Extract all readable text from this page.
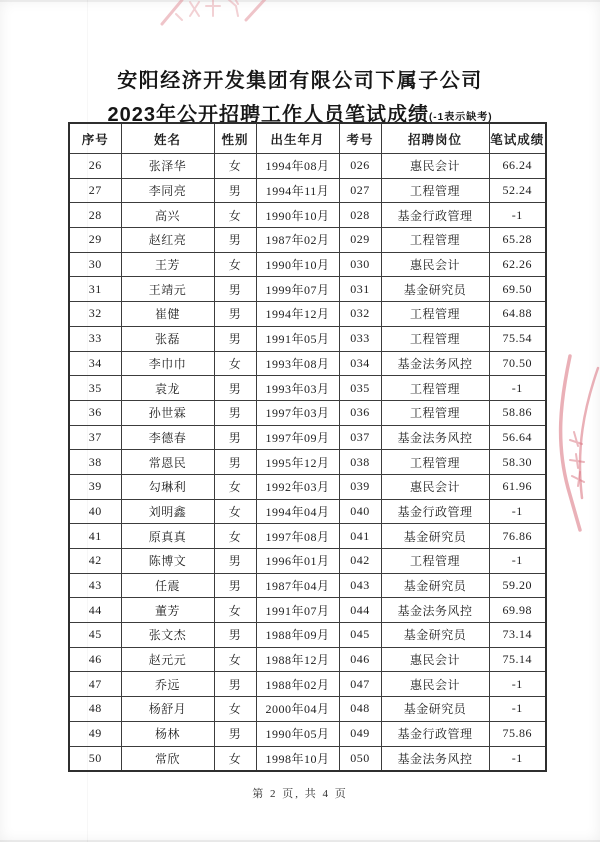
安阳经济开发集团有限公司下属子公司
2023年公开招聘工作人员笔试成绩(-1表示缺考)
序号	姓名	性别	出生年月	考号	招聘岗位	笔试成绩
26	张泽华	女	1994年08月	026	惠民会计	66.24
27	李同亮	男	1994年11月	027	工程管理	52.24
28	高兴	女	1990年10月	028	基金行政管理	-1
29	赵红亮	男	1987年02月	029	工程管理	65.28
30	王芳	女	1990年10月	030	惠民会计	62.26
31	王靖元	男	1999年07月	031	基金研究员	69.50
32	崔健	男	1994年12月	032	工程管理	64.88
33	张磊	男	1991年05月	033	工程管理	75.54
34	李巾巾	女	1993年08月	034	基金法务风控	70.50
35	袁龙	男	1993年03月	035	工程管理	-1
36	孙世霖	男	1997年03月	036	工程管理	58.86
37	李德春	男	1997年09月	037	基金法务风控	56.64
38	常恩民	男	1995年12月	038	工程管理	58.30
39	勾琳利	女	1992年03月	039	惠民会计	61.96
40	刘明鑫	女	1994年04月	040	基金行政管理	-1
41	原真真	女	1997年08月	041	基金研究员	76.86
42	陈博文	男	1996年01月	042	工程管理	-1
43	任震	男	1987年04月	043	基金研究员	59.20
44	董芳	女	1991年07月	044	基金法务风控	69.98
45	张文杰	男	1988年09月	045	基金研究员	73.14
46	赵元元	女	1988年12月	046	惠民会计	75.14
47	乔远	男	1988年02月	047	惠民会计	-1
48	杨舒月	女	2000年04月	048	基金研究员	-1
49	杨林	男	1990年05月	049	基金行政管理	75.86
50	常欣	女	1998年10月	050	基金法务风控	-1
第 2 页, 共 4 页
